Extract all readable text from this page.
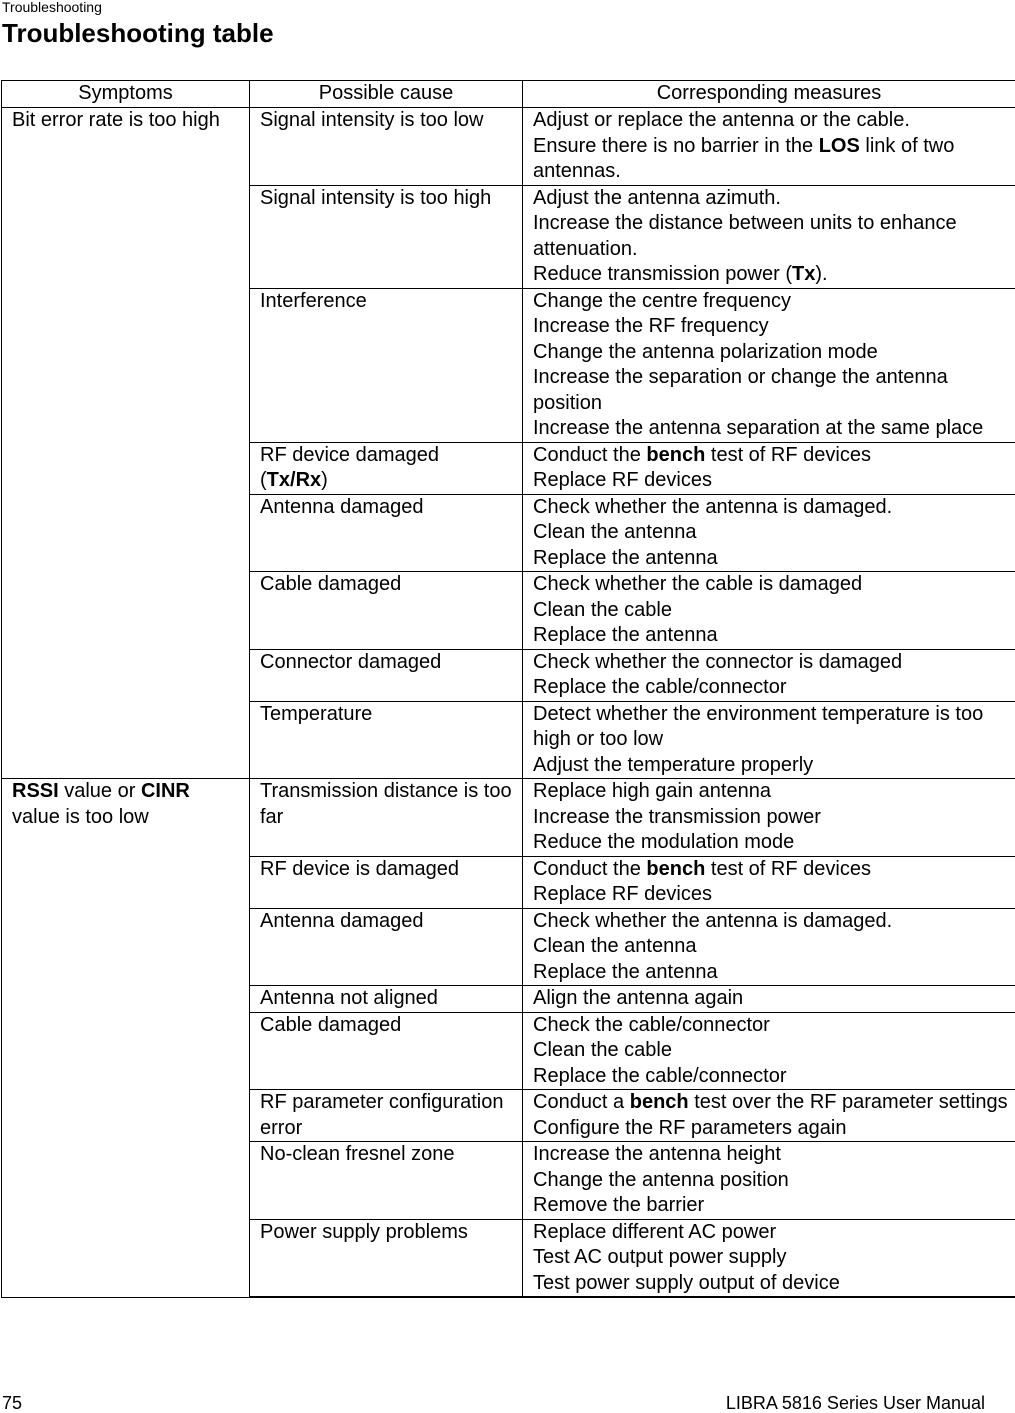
Troubleshooting
Troubleshooting table
Symptoms	Possible cause	Corresponding measures

Bit error rate is too high	Signal intensity is too low	Adjust or replace the antenna or the cable.
Ensure there is no barrier in the LOS link of two antennas.

	Signal intensity is too high	Adjust the antenna azimuth.
Increase the distance between units to enhance attenuation.
Reduce transmission power (Tx).

	Interference	Change the centre frequency
Increase the RF frequency
Change the antenna polarization mode
Increase the separation or change the antenna position
Increase the antenna separation at the same place

	RF device damaged (Tx/Rx)	Conduct the bench test of RF devices
Replace RF devices

	Antenna damaged	Check whether the antenna is damaged.
Clean the antenna
Replace the antenna

	Cable damaged	Check whether the cable is damaged
Clean the cable
Replace the antenna

	Connector damaged	Check whether the connector is damaged
Replace the cable/connector

	Temperature	Detect whether the environment temperature is too high or too low
Adjust the temperature properly

RSSI value or CINR value is too low	Transmission distance is too far	Replace high gain antenna
Increase the transmission power
Reduce the modulation mode

	RF device is damaged	Conduct the bench test of RF devices
Replace RF devices

	Antenna damaged	Check whether the antenna is damaged.
Clean the antenna
Replace the antenna

	Antenna not aligned	Align the antenna again

	Cable damaged	Check the cable/connector
Clean the cable
Replace the cable/connector

	RF parameter configuration error	Conduct a bench test over the RF parameter settings
Configure the RF parameters again

	No-clean fresnel zone	Increase the antenna height
Change the antenna position
Remove the barrier

	Power supply problems	Replace different AC power
Test AC output power supply
Test power supply output of device
75	LIBRA 5816 Series User Manual
